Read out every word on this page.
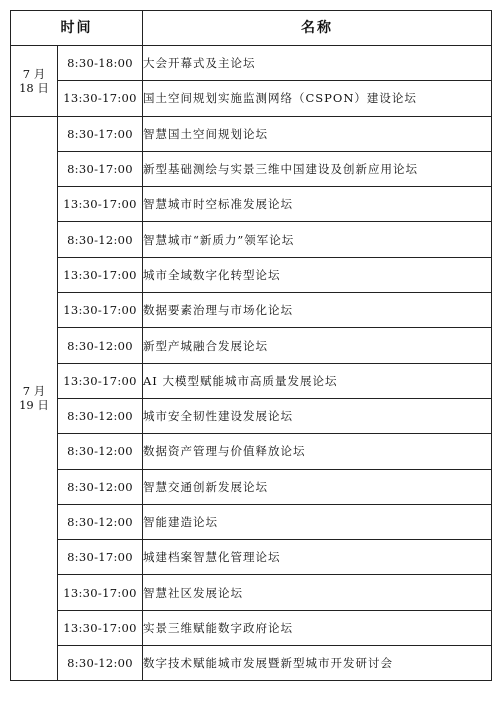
时间		名称

7 月
18 日	8:30-18:00	大会开幕式及主论坛
	13:30-17:00	国土空间规划实施监测网络（CSPON）建设论坛

7 月
19 日	8:30-17:00	智慧国土空间规划论坛
	8:30-17:00	新型基础测绘与实景三维中国建设及创新应用论坛
	13:30-17:00	智慧城市时空标准发展论坛
	8:30-12:00	智慧城市“新质力”领军论坛
	13:30-17:00	城市全域数字化转型论坛
	13:30-17:00	数据要素治理与市场化论坛
	8:30-12:00	新型产城融合发展论坛
	13:30-17:00	AI 大模型赋能城市高质量发展论坛
	8:30-12:00	城市安全韧性建设发展论坛
	8:30-12:00	数据资产管理与价值释放论坛
	8:30-12:00	智慧交通创新发展论坛
	8:30-12:00	智能建造论坛
	8:30-17:00	城建档案智慧化管理论坛
	13:30-17:00	智慧社区发展论坛
	13:30-17:00	实景三维赋能数字政府论坛
	8:30-12:00	数字技术赋能城市发展暨新型城市开发研讨会
